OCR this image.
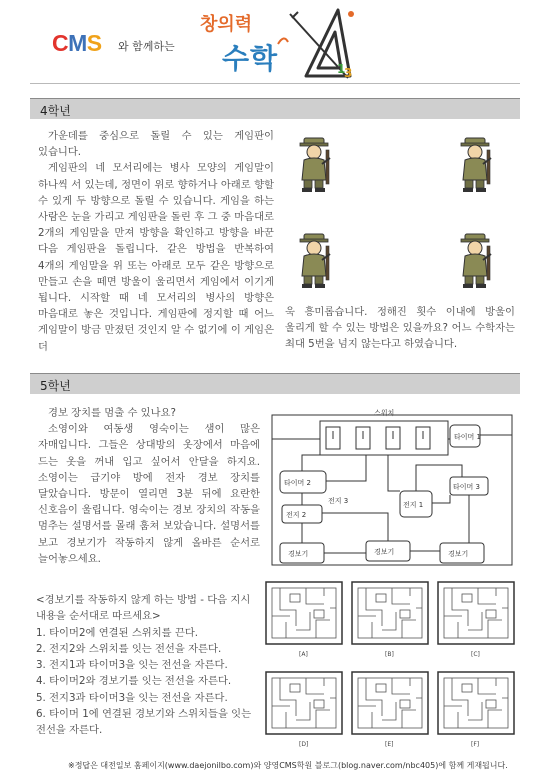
CMS 와 함께하는
창의력
수학	1
3
4학년
가운데를 중심으로 돌릴 수 있는 게임판이 있습니다.
게임판의 네 모서리에는 병사 모양의 게임말이 하나씩 서 있는데, 정면이 위로 향하거나 아래로 향할 수 있게 두 방향으로 돌릴 수 있습니다. 게임을 하는 사람은 눈을 가리고 게임판을 돌린 후 그 중 마음대로 2개의 게임말을 만져 방향을 확인하고 방향을 바꾼 다음 게임판을 돌립니다. 같은 방법을 반복하여 4개의 게임말을 위 또는 아래로 모두 같은 방향으로 만들고 손을 떼면 방울이 울리면서 게임에서 이기게 됩니다. 시작할 때 네 모서리의 병사의 방향은 마음대로 놓은 것입니다. 게임판에 정지할 때 어느 게임말이 방금 만졌던 것인지 알 수 없기에 이 게임은 더
욱 흥미롭습니다. 정해진 횟수 이내에 방울이 울리게 할 수 있는 방법은 있을까요? 어느 수학자는 최대 5번을 넘지 않는다고 하였습니다.
5학년
경보 장치를 멈출 수 있나요?
소영이와 여동생 영숙이는 샘이 많은 자매입니다. 그들은 상대방의 옷장에서 마음에 드는 옷을 꺼내 입고 싶어서 안달을 하지요. 소영이는 급기야 방에 전자 경보 장치를 달았습니다. 방문이 열리면 3분 뒤에 요란한 신호음이 울립니다. 영숙이는 경보 장치의 작동을 멈추는 설명서를 몰래 훔쳐 보았습니다. 설명서를 보고 경보기가 작동하지 않게 올바른 순서로 늘어놓으세요.
<경보기를 작동하지 않게 하는 방법 - 다음 지시 내용을 순서대로 따르세요>
1. 타이머2에 연결된 스위치를 끈다.
2. 전지2와 스위치를 잇는 전선을 자른다.
3. 전지1과 타이머3을 잇는 전선을 자른다.
4. 타이머2와 경보기를 잇는 전선을 자른다.
5. 전지3과 타이머3을 잇는 전선을 자른다.
6. 타이머 1에 연결된 경보기와 스위치들을 잇는 전선을 자른다.
스위치
타이머 1
타이머 2	타이머 3
전지 1
전지 2
전지 3
경보기	경보기	경보기
[A]	[B]	[C]
[D]	[E]	[F]
※정답은 대전일보 홈페이지(www.daejonilbo.com)와 양영CMS학원 블로그(blog.naver.com/nbc405)에 함께 게재됩니다.
